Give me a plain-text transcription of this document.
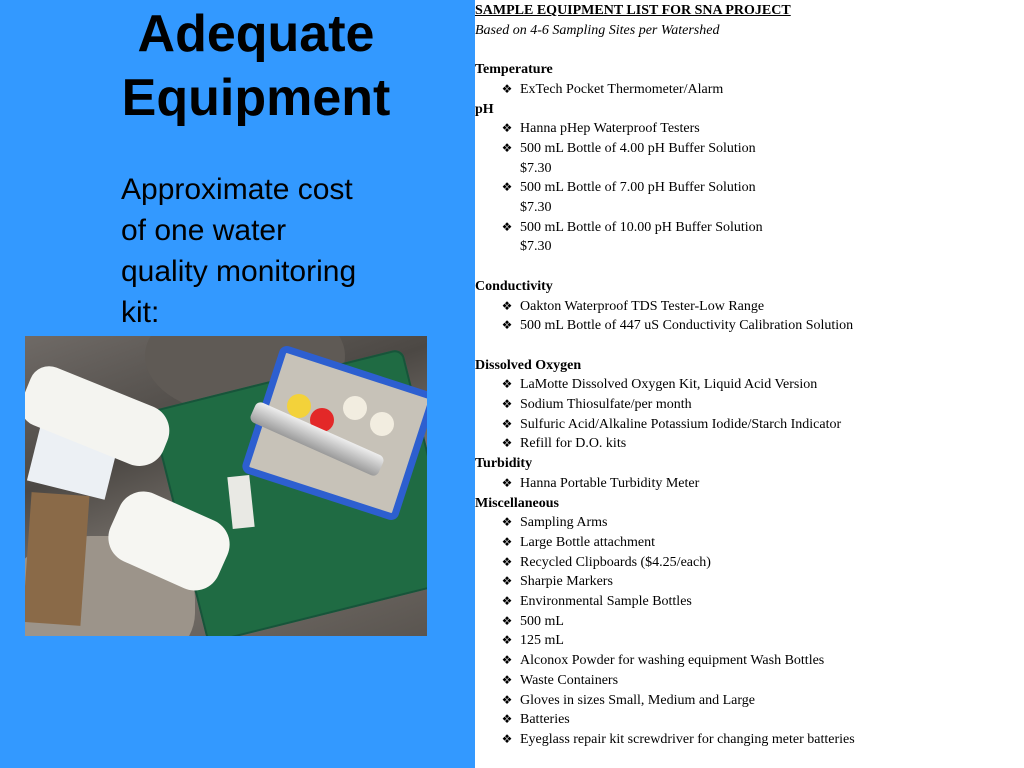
Adequate
Equipment

Approximate cost
of one water
quality monitoring
kit:

SAMPLE EQUIPMENT LIST FOR SNA PROJECT
Based on 4-6 Sampling Sites per Watershed
Temperature
❖ ExTech Pocket Thermometer/Alarm
pH
❖ Hanna pHep Waterproof Testers
❖ 500 mL Bottle of 4.00 pH Buffer Solution
$7.30
❖ 500 mL Bottle of 7.00 pH Buffer Solution
$7.30
❖ 500 mL Bottle of 10.00 pH Buffer Solution
$7.30
Conductivity
❖ Oakton Waterproof TDS Tester-Low Range
❖ 500 mL Bottle of 447 uS Conductivity Calibration Solution
Dissolved Oxygen
❖ LaMotte Dissolved Oxygen Kit, Liquid Acid Version
❖ Sodium Thiosulfate/per month
❖ Sulfuric Acid/Alkaline Potassium Iodide/Starch Indicator
❖ Refill for D.O. kits
Turbidity
❖ Hanna Portable Turbidity Meter
Miscellaneous
❖ Sampling Arms
❖ Large Bottle attachment
❖ Recycled Clipboards ($4.25/each)
❖ Sharpie Markers
❖ Environmental Sample Bottles
❖ 500 mL
❖ 125 mL
❖ Alconox Powder for washing equipment Wash Bottles
❖ Waste Containers
❖ Gloves in sizes Small, Medium and Large
❖ Batteries
❖ Eyeglass repair kit screwdriver for changing meter batteries
